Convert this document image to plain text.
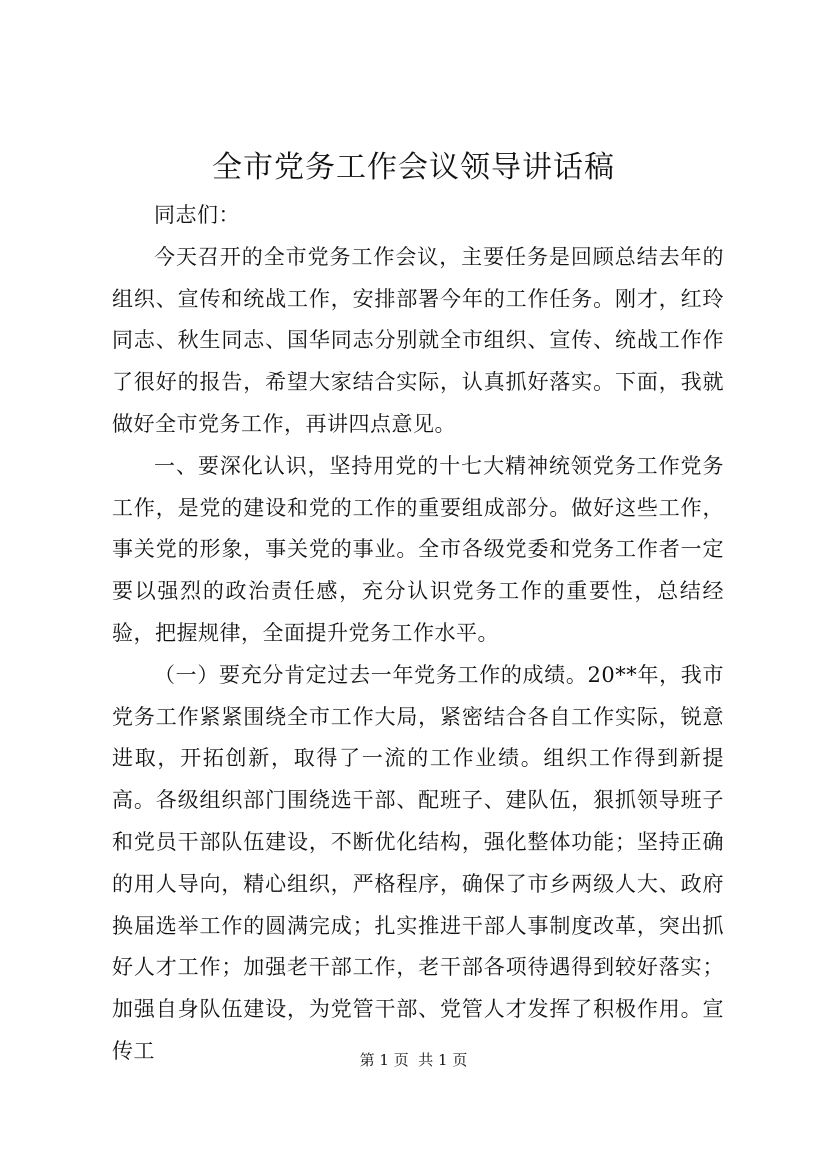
全市党务工作会议领导讲话稿

同志们：

今天召开的全市党务工作会议，主要任务是回顾总结去年的组织、宣传和统战工作，安排部署今年的工作任务。刚才，红玲同志、秋生同志、国华同志分别就全市组织、宣传、统战工作作了很好的报告，希望大家结合实际，认真抓好落实。下面，我就做好全市党务工作，再讲四点意见。

一、要深化认识，坚持用党的十七大精神统领党务工作党务工作，是党的建设和党的工作的重要组成部分。做好这些工作，事关党的形象，事关党的事业。全市各级党委和党务工作者一定要以强烈的政治责任感，充分认识党务工作的重要性，总结经验，把握规律，全面提升党务工作水平。

（一）要充分肯定过去一年党务工作的成绩。20**年，我市党务工作紧紧围绕全市工作大局，紧密结合各自工作实际，锐意进取，开拓创新，取得了一流的工作业绩。组织工作得到新提高。各级组织部门围绕选干部、配班子、建队伍，狠抓领导班子和党员干部队伍建设，不断优化结构，强化整体功能；坚持正确的用人导向，精心组织，严格程序，确保了市乡两级人大、政府换届选举工作的圆满完成；扎实推进干部人事制度改革，突出抓好人才工作；加强老干部工作，老干部各项待遇得到较好落实；加强自身队伍建设，为党管干部、党管人才发挥了积极作用。宣传工	第 1 页  共 1 页
